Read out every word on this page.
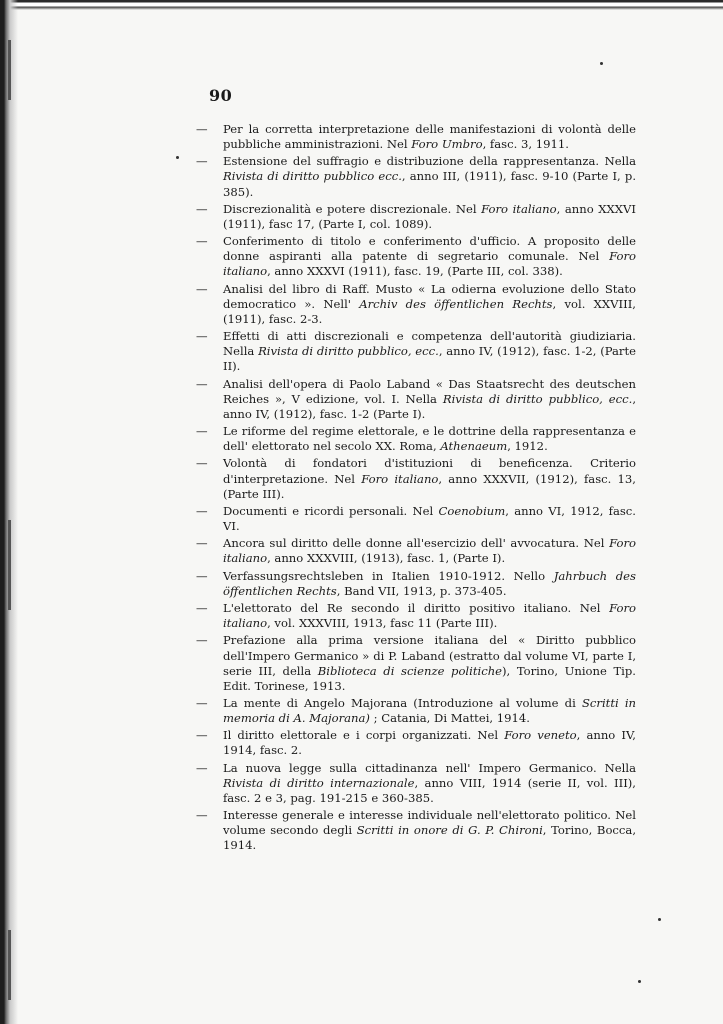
90
— Per la corretta interpretazione delle manifestazioni di volontà delle pubbliche amministrazioni. Nel Foro Umbro, fasc. 3, 1911.
— Estensione del suffragio e distribuzione della rappresentanza. Nella Rivista di diritto pubblico ecc., anno III, (1911), fasc. 9-10 (Parte I, p. 385).
— Discrezionalità e potere discrezionale. Nel Foro italiano, anno XXXVI (1911), fasc 17, (Parte I, col. 1089).
— Conferimento di titolo e conferimento d'ufficio. A proposito delle donne aspiranti alla patente di segretario comunale. Nel Foro italiano, anno XXXVI (1911), fasc. 19, (Parte III, col. 338).
— Analisi del libro di Raff. Musto « La odierna evoluzione dello Stato democratico ». Nell' Archiv des öffentlichen Rechts, vol. XXVIII, (1911), fasc. 2-3.
— Effetti di atti discrezionali e competenza dell'autorità giudiziaria. Nella Rivista di diritto pubblico, ecc., anno IV, (1912), fasc. 1-2, (Parte II).
— Analisi dell'opera di Paolo Laband « Das Staatsrecht des deutschen Reiches », V edizione, vol. I. Nella Rivista di diritto pubblico, ecc., anno IV, (1912), fasc. 1-2 (Parte I).
— Le riforme del regime elettorale, e le dottrine della rappresentanza e dell' elettorato nel secolo XX. Roma, Athenaeum, 1912.
— Volontà di fondatori d'istituzioni di beneficenza. Criterio d'interpretazione. Nel Foro italiano, anno XXXVII, (1912), fasc. 13, (Parte III).
— Documenti e ricordi personali. Nel Coenobium, anno VI, 1912, fasc. VI.
— Ancora sul diritto delle donne all'esercizio dell' avvocatura. Nel Foro italiano, anno XXXVIII, (1913), fasc. 1, (Parte I).
— Verfassungsrechtsleben in Italien 1910-1912. Nello Jahrbuch des öffentlichen Rechts, Band VII, 1913, p. 373-405.
— L'elettorato del Re secondo il diritto positivo italiano. Nel Foro italiano, vol. XXXVIII, 1913, fasc 11 (Parte III).
— Prefazione alla prima versione italiana del « Diritto pubblico dell'Impero Germanico » di P. Laband (estratto dal volume VI, parte I, serie III, della Biblioteca di scienze politiche), Torino, Unione Tip. Edit. Torinese, 1913.
— La mente di Angelo Majorana (Introduzione al volume di Scritti in memoria di A. Majorana) ; Catania, Di Mattei, 1914.
— Il diritto elettorale e i corpi organizzati. Nel Foro veneto, anno IV, 1914, fasc. 2.
— La nuova legge sulla cittadinanza nell' Impero Germanico. Nella Rivista di diritto internazionale, anno VIII, 1914 (serie II, vol. III), fasc. 2 e 3, pag. 191-215 e 360-385.
— Interesse generale e interesse individuale nell'elettorato politico. Nel volume secondo degli Scritti in onore di G. P. Chironi, Torino, Bocca, 1914.
